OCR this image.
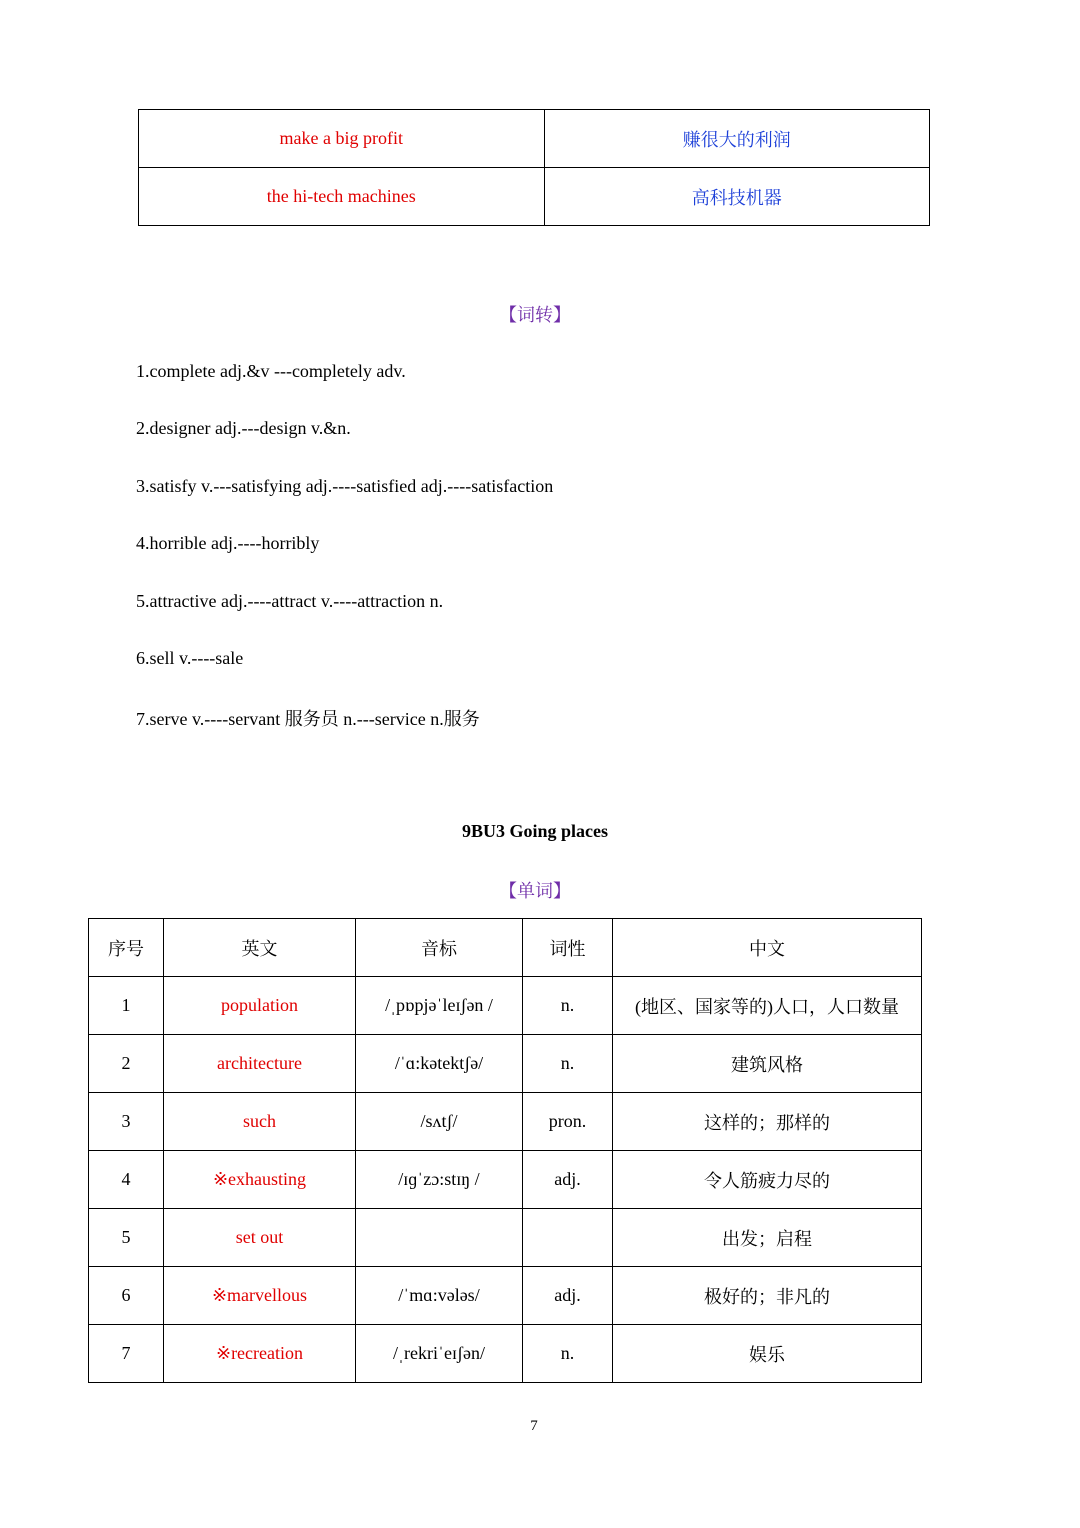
make a big profit	赚很大的利润
the hi-tech machines	高科技机器
【词转】
1.complete adj.&v ---completely adv.
2.designer adj.---design v.&n.
3.satisfy v.---satisfying adj.----satisfied adj.----satisfaction
4.horrible adj.----horribly
5.attractive adj.----attract v.----attraction n.
6.sell v.----sale
7.serve v.----servant 服务员 n.---service n.服务
9BU3 Going places
【单词】
序号	英文	音标	词性	中文
1	population	/ˌpɒpjəˈleɪʃən /	n.	(地区、国家等的)人口，人口数量
2	architecture	/ˈɑ:kətektʃə/	n.	建筑风格
3	such	/sʌtʃ/	pron.	这样的；那样的
4	※exhausting	/ɪɡˈzɔ:stɪŋ /	adj.	令人筋疲力尽的
5	set out			出发；启程
6	※marvellous	/ˈmɑ:vələs/	adj.	极好的；非凡的
7	※recreation	/ˌrekriˈeɪʃən/	n.	娱乐
7
